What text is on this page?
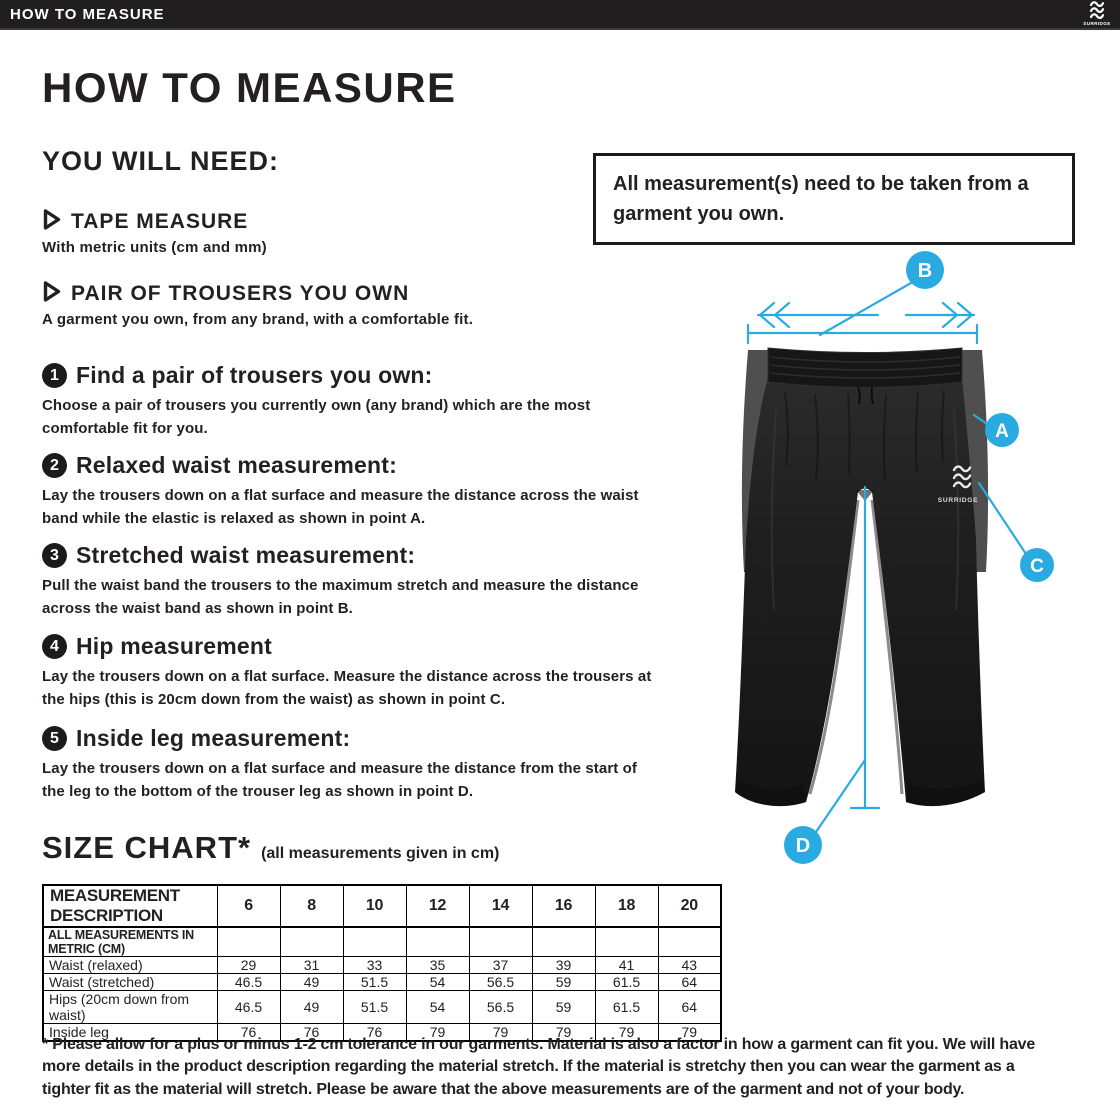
HOW TO MEASURE
SURRIDGE
HOW TO MEASURE
YOU WILL NEED:
TAPE MEASURE
With metric units (cm and mm)
PAIR OF TROUSERS YOU OWN
A garment you own, from any brand, with a comfortable fit.
All measurement(s) need to be taken from a garment you own.
1 Find a pair of trousers you own:
Choose a pair of trousers you currently own (any brand) which are the most comfortable fit for you.
2 Relaxed waist measurement:
Lay the trousers down on a flat surface and measure the distance across the waist band while the elastic is relaxed as shown in point A.
3 Stretched waist measurement:
Pull the waist band the trousers to the maximum stretch and measure the distance across the waist band as shown in point B.
4 Hip measurement
Lay the trousers down on a flat surface. Measure the distance across the trousers at the hips (this is 20cm down from the waist) as shown in point C.
5 Inside leg measurement:
Lay the trousers down on a flat surface and measure the distance from the start of the leg to the bottom of the trouser leg as shown in point D.
SURRIDGE
B
A
C
D
SIZE CHART* (all measurements given in cm)
MEASUREMENT DESCRIPTION	6	8	10	12	14	16	18	20
ALL MEASUREMENTS IN METRIC (CM)								
Waist (relaxed)	29	31	33	35	37	39	41	43
Waist (stretched)	46.5	49	51.5	54	56.5	59	61.5	64
Hips (20cm down from waist)	46.5	49	51.5	54	56.5	59	61.5	64
Inside leg	76	76	76	79	79	79	79	79
* Please allow for a plus or minus 1-2 cm tolerance in our garments. Material is also a factor in how a garment can fit you. We will have more details in the product description regarding the material stretch. If the material is stretchy then you can wear the garment as a tighter fit as the material will stretch. Please be aware that the above measurements are of the garment and not of your body.
